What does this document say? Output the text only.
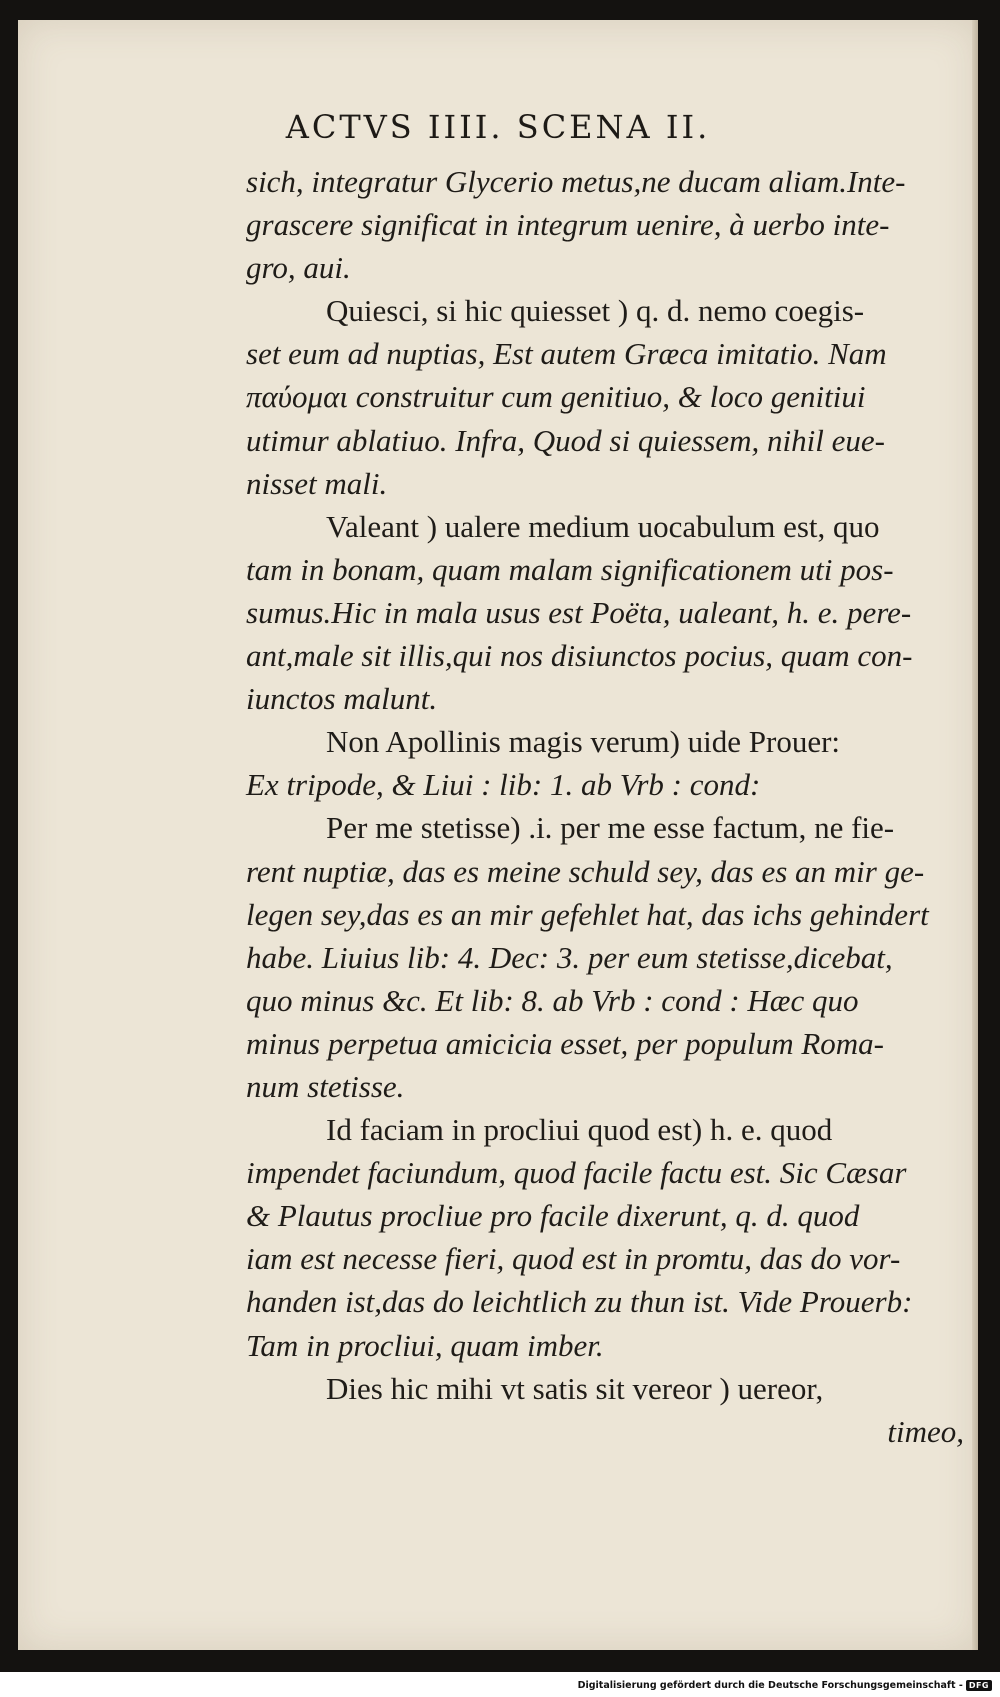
ACTVS IIII. SCENA II.
sich, integratur Glycerio metus,ne ducam aliam.Inte-
grascere significat in integrum uenire, à uerbo inte-
gro, aui.
Quiesci, si hic quiesset ) q. d. nemo coegis-
set eum ad nuptias, Est autem Græca imitatio. Nam
παύομαι construitur cum genitiuo, & loco genitiui
utimur ablatiuo. Infra, Quod si quiessem, nihil eue-
nisset mali.
Valeant ) ualere medium uocabulum est, quo
tam in bonam, quam malam significationem uti pos-
sumus.Hic in mala usus est Poëta, ualeant, h. e. pere-
ant,male sit illis,qui nos disiunctos pocius, quam con-
iunctos malunt.
Non Apollinis magis verum) uide Prouer:
Ex tripode, & Liui : lib: 1. ab Vrb : cond:
Per me stetisse) .i. per me esse factum, ne fie-
rent nuptiæ, das es meine schuld sey, das es an mir ge-
legen sey,das es an mir gefehlet hat, das ichs gehindert
habe. Liuius lib: 4. Dec: 3. per eum stetisse,dicebat,
quo minus &c. Et lib: 8. ab Vrb : cond : Hæc quo
minus perpetua amicicia esset, per populum Roma-
num stetisse.
Id faciam in procliui quod est) h. e. quod
impendet faciundum, quod facile factu est. Sic Cæsar
& Plautus procliue pro facile dixerunt, q. d. quod
iam est necesse fieri, quod est in promtu, das do vor-
handen ist,das do leichtlich zu thun ist. Vide Prouerb:
Tam in procliui, quam imber.
Dies hic mihi vt satis sit vereor ) uereor,
timeo,
Digitalisierung gefördert durch die Deutsche Forschungsgemeinschaft - DFG
